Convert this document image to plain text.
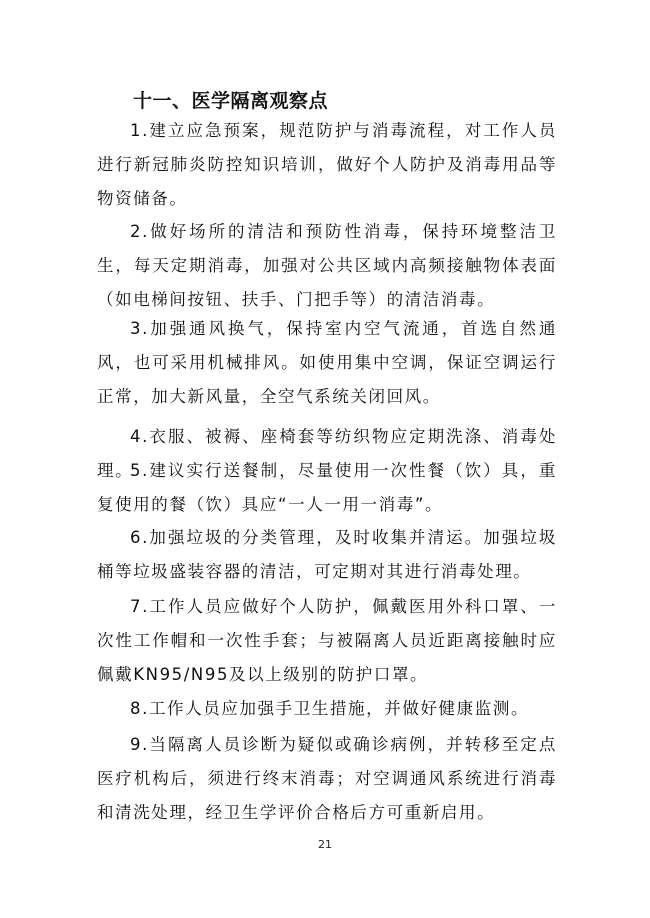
十一、医学隔离观察点
1.建立应急预案，规范防护与消毒流程，对工作人员进行新冠肺炎防控知识培训，做好个人防护及消毒用品等物资储备。
2.做好场所的清洁和预防性消毒，保持环境整洁卫生，每天定期消毒，加强对公共区域内高频接触物体表面（如电梯间按钮、扶手、门把手等）的清洁消毒。
3.加强通风换气，保持室内空气流通，首选自然通风，也可采用机械排风。如使用集中空调，保证空调运行正常，加大新风量，全空气系统关闭回风。
4.衣服、被褥、座椅套等纺织物应定期洗涤、消毒处理。
5.建议实行送餐制，尽量使用一次性餐（饮）具，重复使用的餐（饮）具应“一人一用一消毒”。
6.加强垃圾的分类管理，及时收集并清运。加强垃圾桶等垃圾盛装容器的清洁，可定期对其进行消毒处理。
7.工作人员应做好个人防护，佩戴医用外科口罩、一次性工作帽和一次性手套；与被隔离人员近距离接触时应佩戴KN95/N95及以上级别的防护口罩。
8.工作人员应加强手卫生措施，并做好健康监测。
9.当隔离人员诊断为疑似或确诊病例，并转移至定点医疗机构后，须进行终末消毒；对空调通风系统进行消毒和清洗处理，经卫生学评价合格后方可重新启用。
21
